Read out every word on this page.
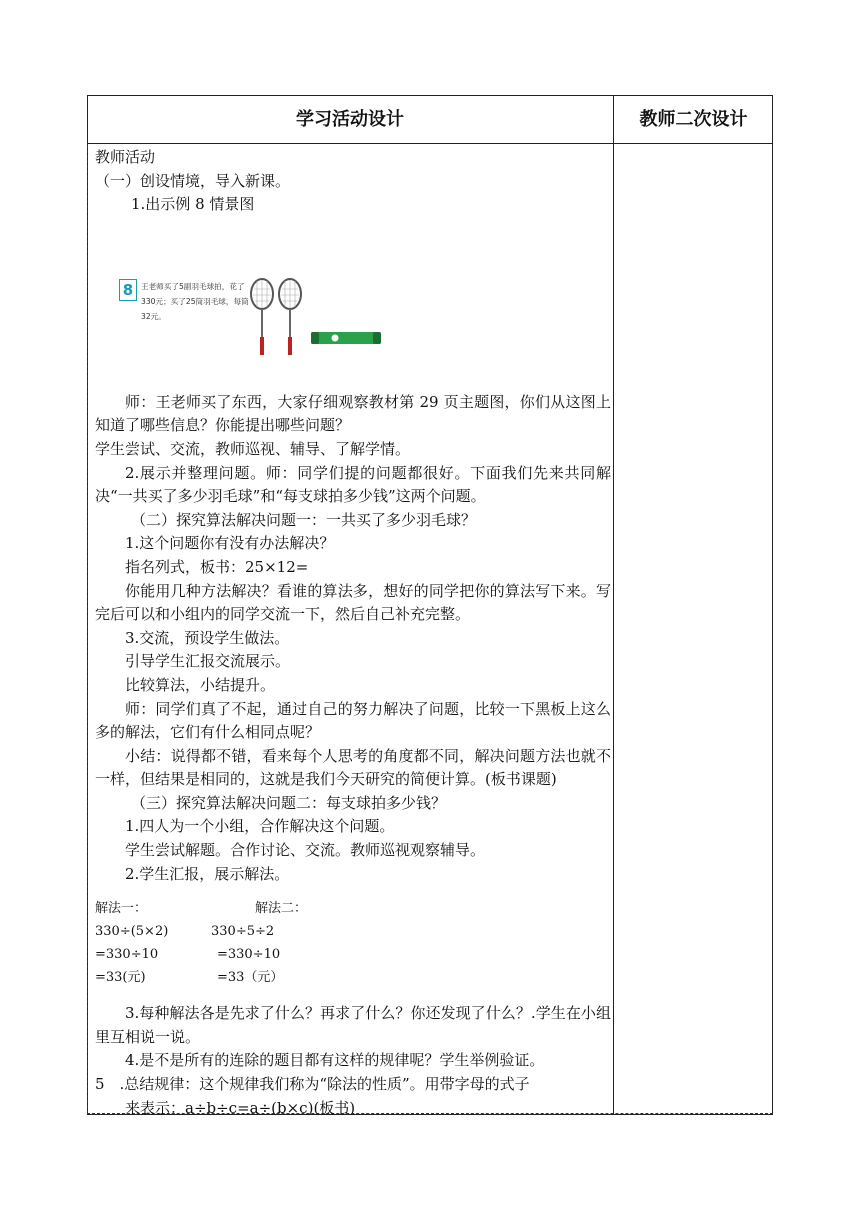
学习活动设计	教师二次设计

教师活动

（一）创设情境，导入新课。

1.出示例 8 情景图

8	王老师买了5副羽毛球拍，花了330元；买了25筒羽毛球，每筒32元。

师：王老师买了东西，大家仔细观察教材第 29 页主题图，你们从这图上知道了哪些信息？你能提出哪些问题？

学生尝试、交流，教师巡视、辅导、了解学情。

2.展示并整理问题。师：同学们提的问题都很好。下面我们先来共同解决“一共买了多少羽毛球”和“每支球拍多少钱”这两个问题。

（二）探究算法解决问题一：一共买了多少羽毛球？

1.这个问题你有没有办法解决？

指名列式，板书：25×12=

你能用几种方法解决？看谁的算法多，想好的同学把你的算法写下来。写完后可以和小组内的同学交流一下，然后自己补充完整。

3.交流，预设学生做法。

引导学生汇报交流展示。

比较算法，小结提升。

师：同学们真了不起，通过自己的努力解决了问题，比较一下黑板上这么多的解法，它们有什么相同点呢？

小结：说得都不错，看来每个人思考的角度都不同，解决问题方法也就不一样，但结果是相同的，这就是我们今天研究的简便计算。(板书课题)

（三）探究算法解决问题二：每支球拍多少钱？

1.四人为一个小组，合作解决这个问题。

学生尝试解题。合作讨论、交流。教师巡视观察辅导。

2.学生汇报，展示解法。

解法一：	解法二：
330÷(5×2)	330÷5÷2
=330÷10	=330÷10
=33(元)	=33（元）

3.每种解法各是先求了什么？再求了什么？你还发现了什么？.学生在小组里互相说一说。

4.是不是所有的连除的题目都有这样的规律呢？学生举例验证。

5 .总结规律：这个规律我们称为“除法的性质”。用带字母的式子

来表示：a÷b÷c=a÷(b×c)(板书)
